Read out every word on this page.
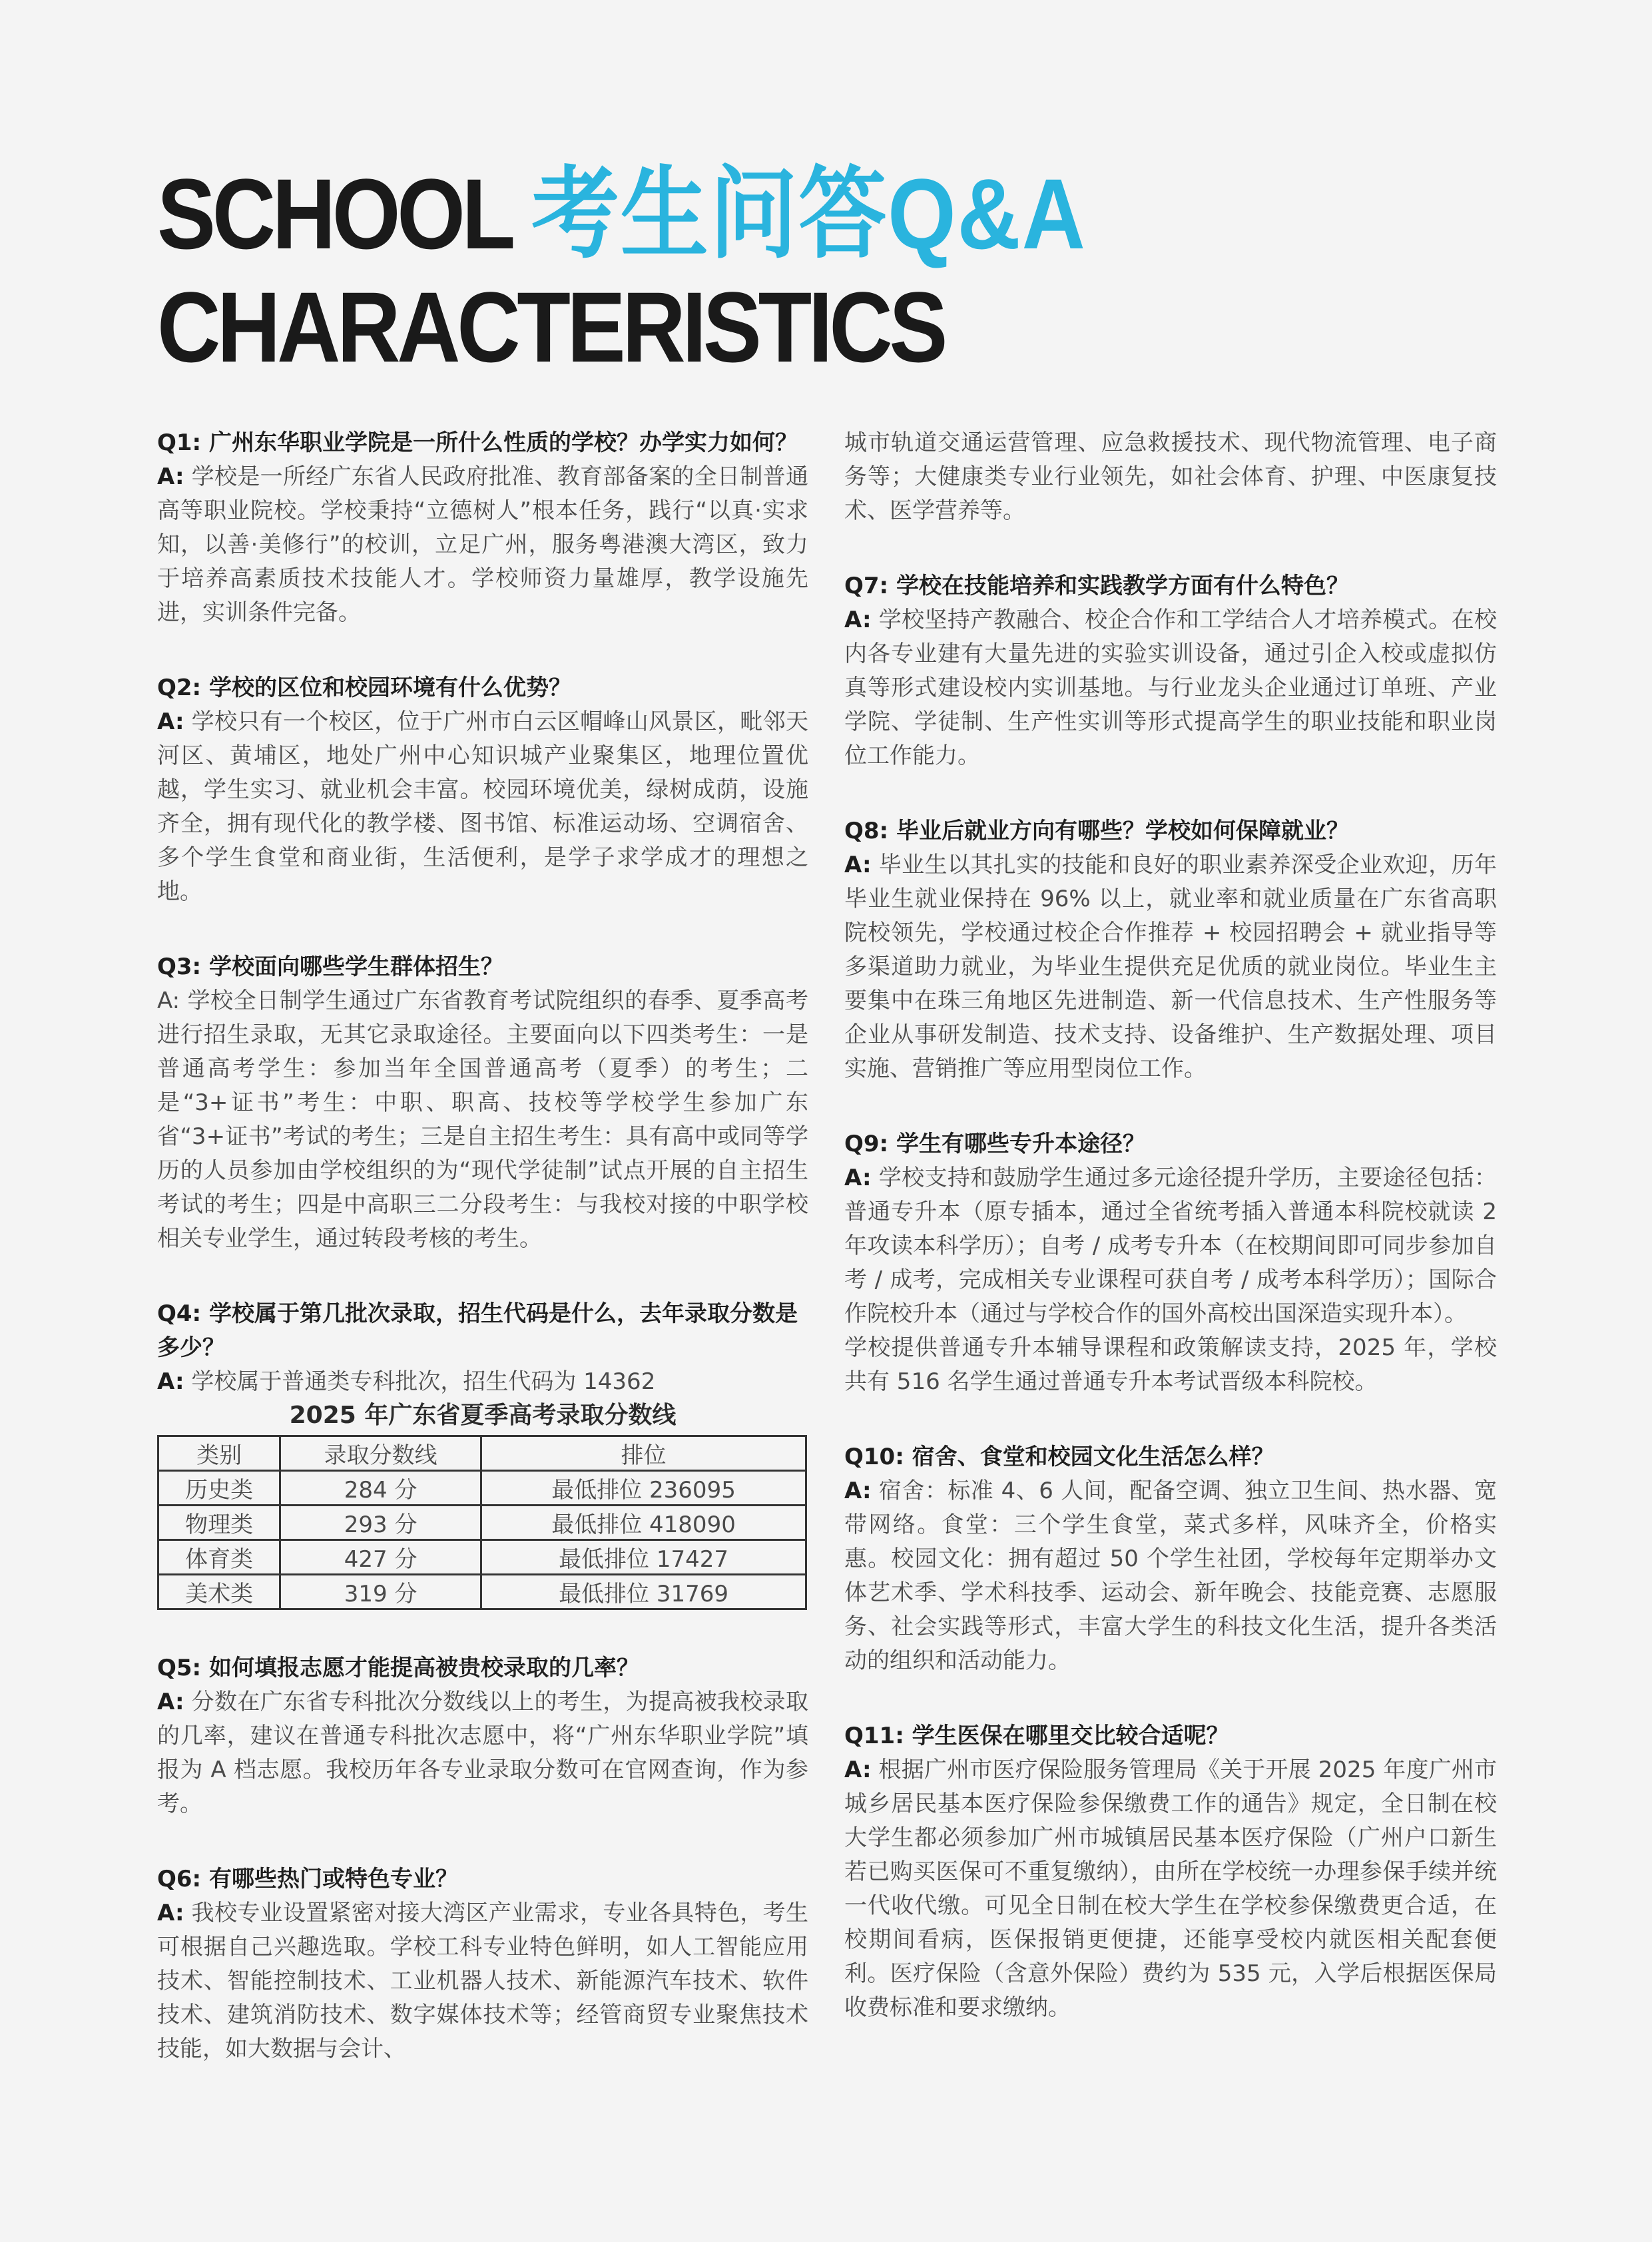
SCHOOL 考生问答Q&A
CHARACTERISTICS

Q1: 广州东华职业学院是一所什么性质的学校？办学实力如何？

A: 学校是一所经广东省人民政府批准、教育部备案的全日制普通高等职业院校。学校秉持“立德树人”根本任务，践行“以真·实求知，以善·美修行”的校训，立足广州，服务粤港澳大湾区，致力于培养高素质技术技能人才。学校师资力量雄厚，教学设施先进，实训条件完备。

Q2: 学校的区位和校园环境有什么优势？

A: 学校只有一个校区，位于广州市白云区帽峰山风景区，毗邻天河区、黄埔区，地处广州中心知识城产业聚集区，地理位置优越，学生实习、就业机会丰富。校园环境优美，绿树成荫，设施齐全，拥有现代化的教学楼、图书馆、标准运动场、空调宿舍、多个学生食堂和商业街，生活便利，是学子求学成才的理想之地。

Q3: 学校面向哪些学生群体招生？

A: 学校全日制学生通过广东省教育考试院组织的春季、夏季高考进行招生录取，无其它录取途径。主要面向以下四类考生：一是普通高考学生：参加当年全国普通高考（夏季）的考生；二是“3+证书”考生：中职、职高、技校等学校学生参加广东省“3+证书”考试的考生；三是自主招生考生：具有高中或同等学历的人员参加由学校组织的为“现代学徒制”试点开展的自主招生考试的考生；四是中高职三二分段考生：与我校对接的中职学校相关专业学生，通过转段考核的考生。

Q4: 学校属于第几批次录取，招生代码是什么，去年录取分数是多少？

A: 学校属于普通类专科批次，招生代码为 14362

2025 年广东省夏季高考录取分数线

类别	录取分数线	排位
历史类	284 分	最低排位 236095
物理类	293 分	最低排位 418090
体育类	427 分	最低排位 17427
美术类	319 分	最低排位 31769

Q5: 如何填报志愿才能提高被贵校录取的几率？

A: 分数在广东省专科批次分数线以上的考生，为提高被我校录取的几率，建议在普通专科批次志愿中，将“广州东华职业学院”填报为 A 档志愿。我校历年各专业录取分数可在官网查询，作为参考。

Q6: 有哪些热门或特色专业？

A: 我校专业设置紧密对接大湾区产业需求，专业各具特色，考生可根据自己兴趣选取。学校工科专业特色鲜明，如人工智能应用技术、智能控制技术、工业机器人技术、新能源汽车技术、软件技术、建筑消防技术、数字媒体技术等；经管商贸专业聚焦技术技能，如大数据与会计、

城市轨道交通运营管理、应急救援技术、现代物流管理、电子商务等；大健康类专业行业领先，如社会体育、护理、中医康复技术、医学营养等。

Q7: 学校在技能培养和实践教学方面有什么特色？

A: 学校坚持产教融合、校企合作和工学结合人才培养模式。在校内各专业建有大量先进的实验实训设备，通过引企入校或虚拟仿真等形式建设校内实训基地。与行业龙头企业通过订单班、产业学院、学徒制、生产性实训等形式提高学生的职业技能和职业岗位工作能力。

Q8: 毕业后就业方向有哪些？学校如何保障就业？

A: 毕业生以其扎实的技能和良好的职业素养深受企业欢迎，历年毕业生就业保持在 96% 以上，就业率和就业质量在广东省高职院校领先，学校通过校企合作推荐 + 校园招聘会 + 就业指导等多渠道助力就业，为毕业生提供充足优质的就业岗位。毕业生主要集中在珠三角地区先进制造、新一代信息技术、生产性服务等企业从事研发制造、技术支持、设备维护、生产数据处理、项目实施、营销推广等应用型岗位工作。

Q9: 学生有哪些专升本途径？

A: 学校支持和鼓励学生通过多元途径提升学历，主要途径包括：普通专升本（原专插本，通过全省统考插入普通本科院校就读 2 年攻读本科学历）；自考 / 成考专升本（在校期间即可同步参加自考 / 成考，完成相关专业课程可获自考 / 成考本科学历）；国际合作院校升本（通过与学校合作的国外高校出国深造实现升本）。

学校提供普通专升本辅导课程和政策解读支持，2025 年，学校共有 516 名学生通过普通专升本考试晋级本科院校。

Q10: 宿舍、食堂和校园文化生活怎么样？

A: 宿舍：标准 4、6 人间，配备空调、独立卫生间、热水器、宽带网络。食堂：三个学生食堂，菜式多样，风味齐全，价格实惠。校园文化：拥有超过 50 个学生社团，学校每年定期举办文体艺术季、学术科技季、运动会、新年晚会、技能竞赛、志愿服务、社会实践等形式，丰富大学生的科技文化生活，提升各类活动的组织和活动能力。

Q11: 学生医保在哪里交比较合适呢？

A: 根据广州市医疗保险服务管理局《关于开展 2025 年度广州市城乡居民基本医疗保险参保缴费工作的通告》规定，全日制在校大学生都必须参加广州市城镇居民基本医疗保险（广州户口新生若已购买医保可不重复缴纳），由所在学校统一办理参保手续并统一代收代缴。可见全日制在校大学生在学校参保缴费更合适，在校期间看病，医保报销更便捷，还能享受校内就医相关配套便利。医疗保险（含意外保险）费约为 535 元，入学后根据医保局收费标准和要求缴纳。
